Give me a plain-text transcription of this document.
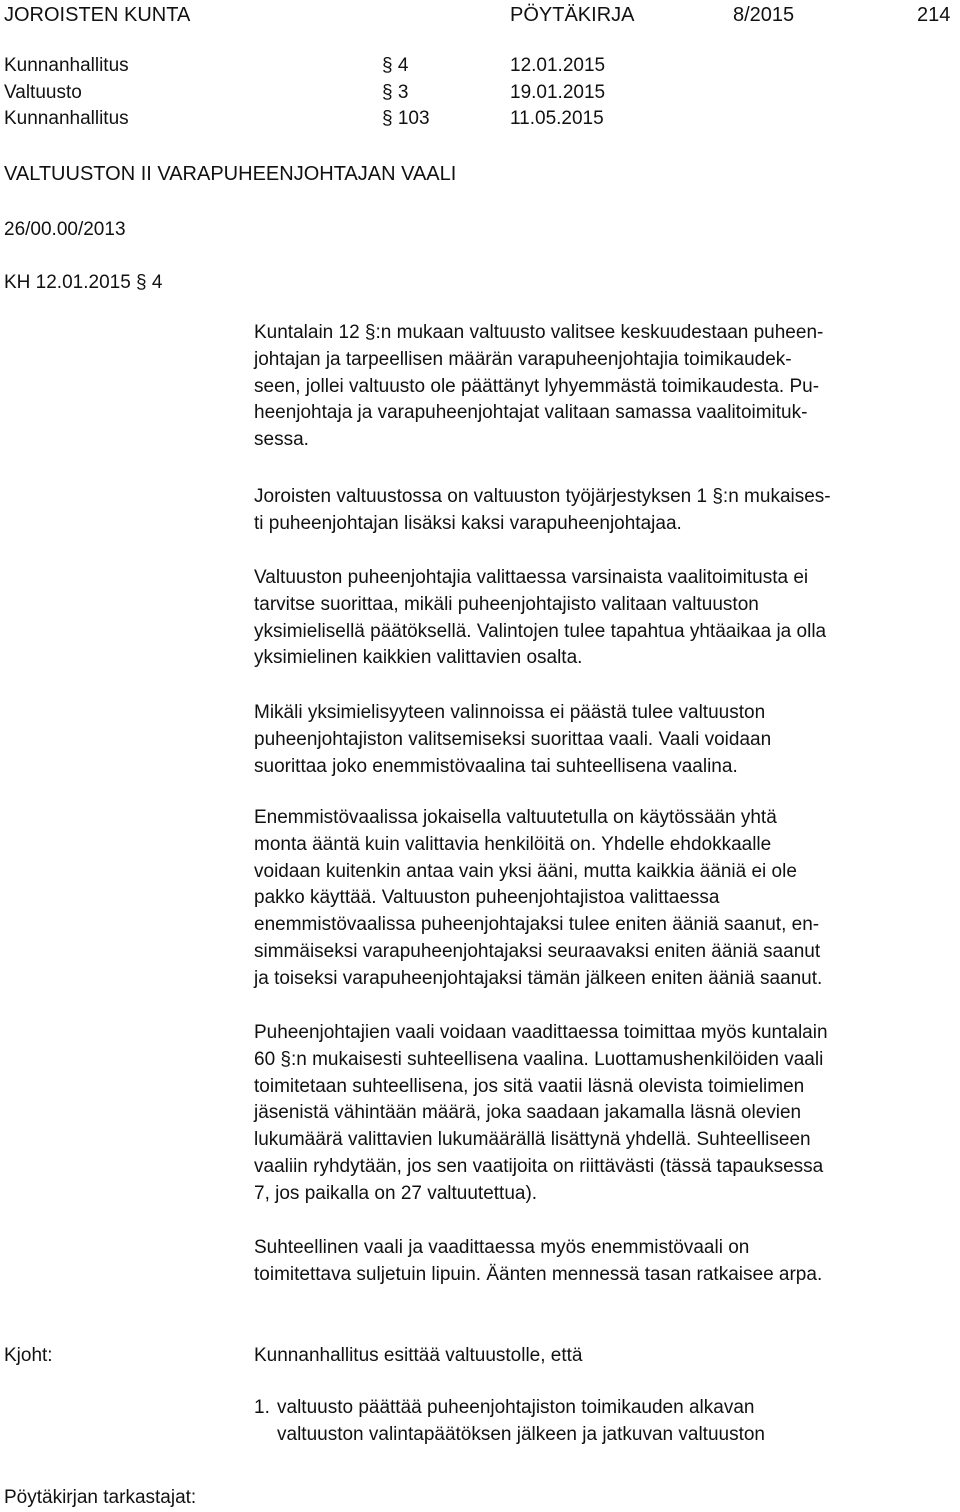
JOROISTEN KUNTA	PÖYTÄKIRJA	8/2015	214
Kunnanhallitus	§ 4	12.01.2015
Valtuusto	§ 3	19.01.2015
Kunnanhallitus	§ 103	11.05.2015
VALTUUSTON II VARAPUHEENJOHTAJAN VAALI
26/00.00/2013
KH 12.01.2015 § 4

Kuntalain 12 §:n mukaan valtuusto valitsee keskuudestaan puheen-
johtajan ja tarpeellisen määrän varapuheenjohtajia toimikaudek-
seen, jollei valtuusto ole päättänyt lyhyemmästä toimikaudesta. Pu-
heenjohtaja ja varapuheenjohtajat valitaan samassa vaalitoimituk-
sessa.

Joroisten valtuustossa on valtuuston työjärjestyksen 1 §:n mukaises-
ti puheenjohtajan lisäksi kaksi varapuheenjohtajaa.

Valtuuston puheenjohtajia valittaessa varsinaista vaalitoimitusta ei
tarvitse suorittaa, mikäli puheenjohtajisto valitaan valtuuston
yksimielisellä päätöksellä. Valintojen tulee tapahtua yhtäaikaa ja olla
yksimielinen kaikkien valittavien osalta.

Mikäli yksimielisyyteen valinnoissa ei päästä tulee valtuuston
puheenjohtajiston valitsemiseksi suorittaa vaali. Vaali voidaan
suorittaa joko enemmistövaalina tai suhteellisena vaalina.

Enemmistövaalissa jokaisella valtuutetulla on käytössään yhtä
monta ääntä kuin valittavia henkilöitä on. Yhdelle ehdokkaalle
voidaan kuitenkin antaa vain yksi ääni, mutta kaikkia ääniä ei ole
pakko käyttää. Valtuuston puheenjohtajistoa valittaessa
enemmistövaalissa puheenjohtajaksi tulee eniten ääniä saanut, en-
simmäiseksi varapuheenjohtajaksi seuraavaksi eniten ääniä saanut
ja toiseksi varapuheenjohtajaksi tämän jälkeen eniten ääniä saanut.

Puheenjohtajien vaali voidaan vaadittaessa toimittaa myös kuntalain
60 §:n mukaisesti suhteellisena vaalina. Luottamushenkilöiden vaali
toimitetaan suhteellisena, jos sitä vaatii läsnä olevista toimielimen
jäsenistä vähintään määrä, joka saadaan jakamalla läsnä olevien
lukumäärä valittavien lukumäärällä lisättynä yhdellä. Suhteelliseen
vaaliin ryhdytään, jos sen vaatijoita on riittävästi (tässä tapauksessa
7, jos paikalla on 27 valtuutettua).

Suhteellinen vaali ja vaadittaessa myös enemmistövaali on
toimitettava suljetuin lipuin. Äänten mennessä tasan ratkaisee arpa.

Kjoht:	Kunnanhallitus esittää valtuustolle, että
1. valtuusto päättää puheenjohtajiston toimikauden alkavan
valtuuston valintapäätöksen jälkeen ja jatkuvan valtuuston
Pöytäkirjan tarkastajat:
